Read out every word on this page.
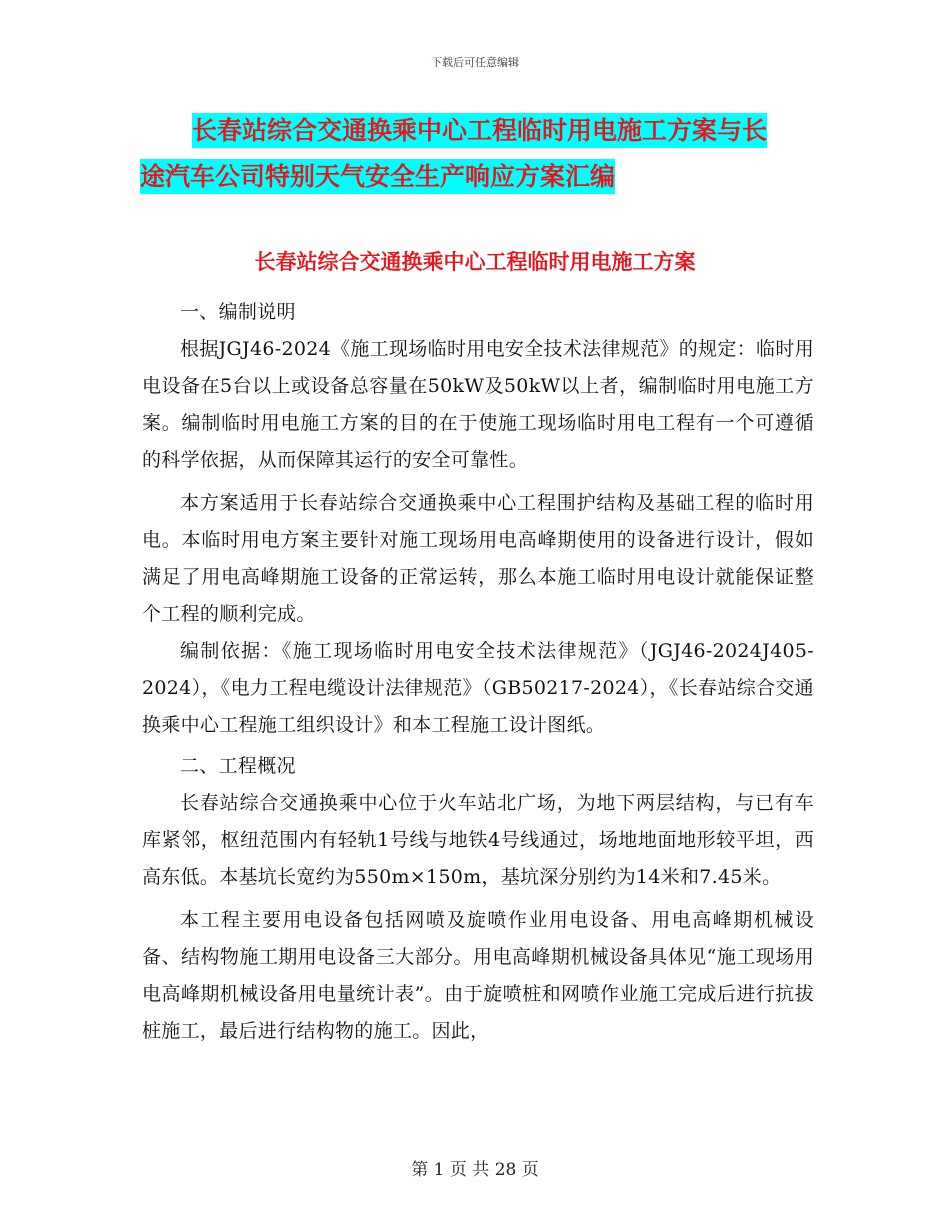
下载后可任意编辑
长春站综合交通换乘中心工程临时用电施工方案与长
途汽车公司特别天气安全生产响应方案汇编
长春站综合交通换乘中心工程临时用电施工方案

一、编制说明

根据JGJ46-2024《施工现场临时用电安全技术法律规范》的规定：临时用电设备在5台以上或设备总容量在50kW及50kW以上者，编制临时用电施工方案。编制临时用电施工方案的目的在于使施工现场临时用电工程有一个可遵循的科学依据，从而保障其运行的安全可靠性。

本方案适用于长春站综合交通换乘中心工程围护结构及基础工程的临时用电。本临时用电方案主要针对施工现场用电高峰期使用的设备进行设计，假如满足了用电高峰期施工设备的正常运转，那么本施工临时用电设计就能保证整个工程的顺利完成。

编制依据：《施工现场临时用电安全技术法律规范》（JGJ46-2024J405-2024），《电力工程电缆设计法律规范》（GB50217-2024），《长春站综合交通换乘中心工程施工组织设计》和本工程施工设计图纸。

二、工程概况

长春站综合交通换乘中心位于火车站北广场，为地下两层结构，与已有车库紧邻，枢纽范围内有轻轨1号线与地铁4号线通过，场地地面地形较平坦，西高东低。本基坑长宽约为550m×150m，基坑深分别约为14米和7.45米。

本工程主要用电设备包括网喷及旋喷作业用电设备、用电高峰期机械设备、结构物施工期用电设备三大部分。用电高峰期机械设备具体见“施工现场用电高峰期机械设备用电量统计表”。由于旋喷桩和网喷作业施工完成后进行抗拔桩施工，最后进行结构物的施工。因此，

第 1 页 共 28 页
